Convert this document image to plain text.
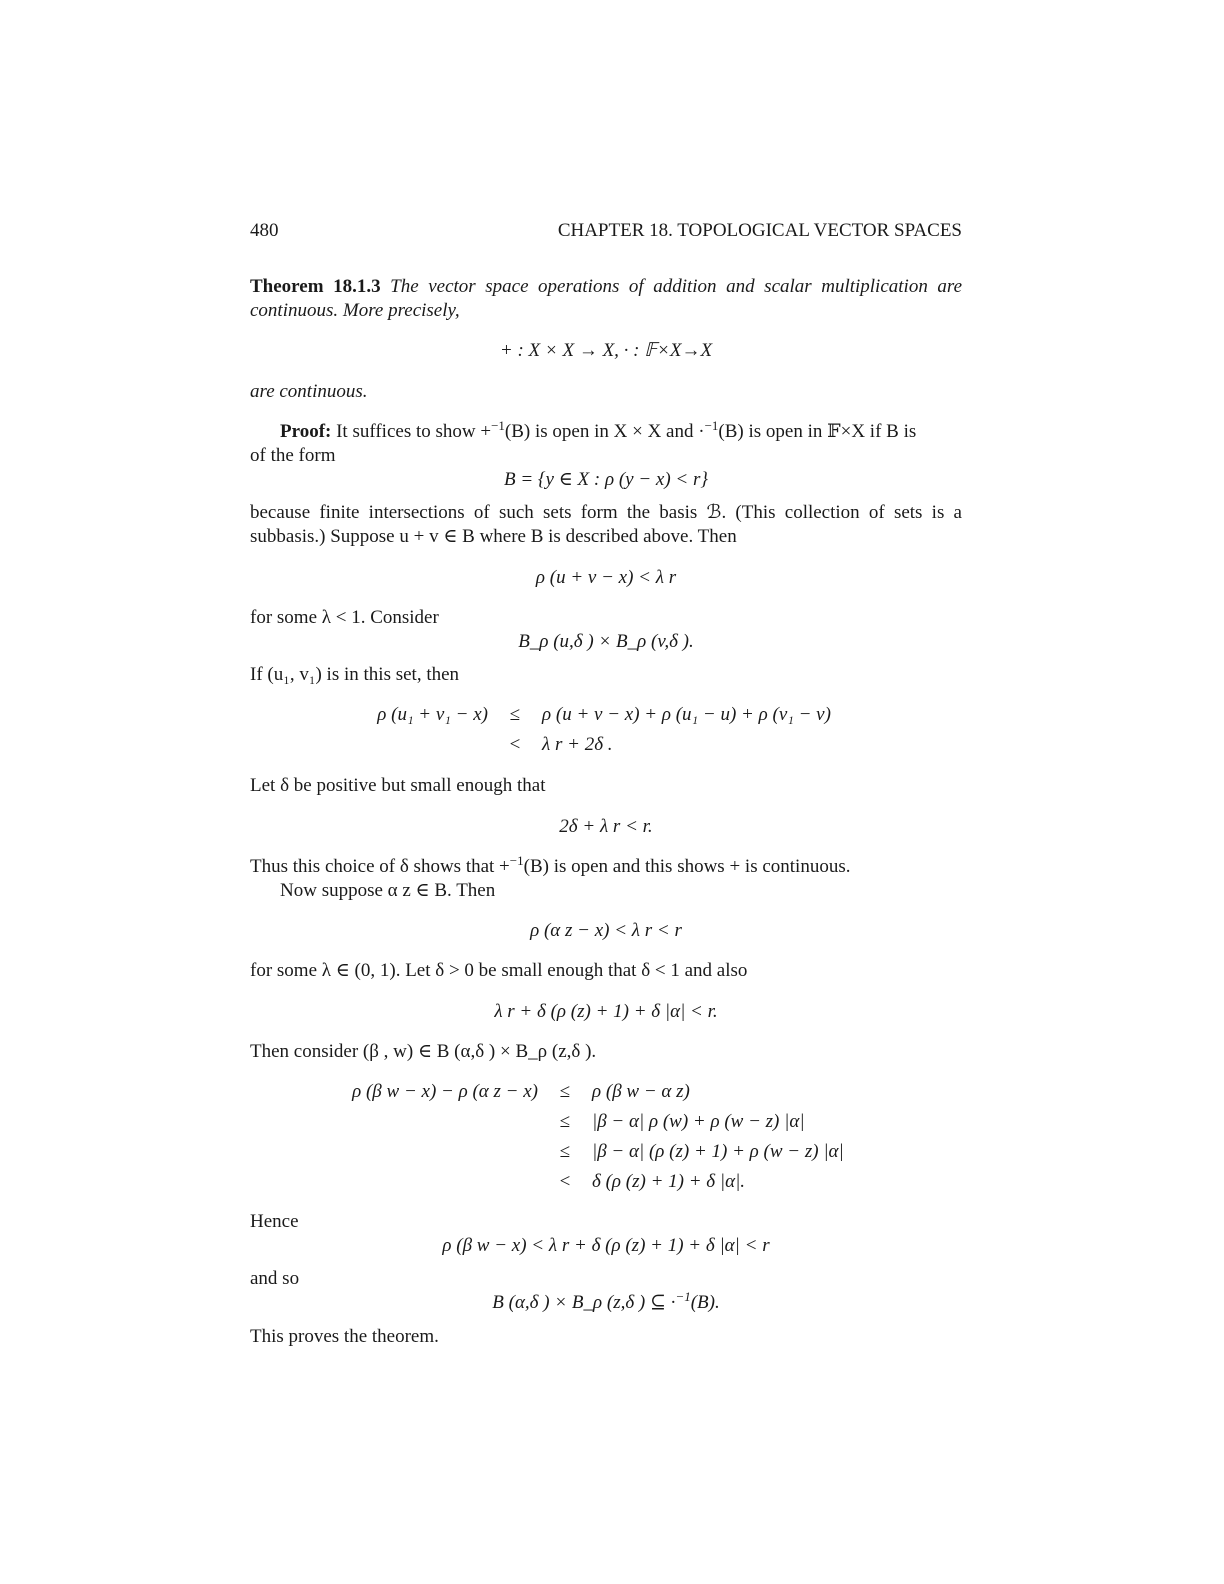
480	CHAPTER 18. TOPOLOGICAL VECTOR SPACES
Theorem 18.1.3 The vector space operations of addition and scalar multiplication are continuous. More precisely,
+ : X × X → X, · : 𝔽×X→X
are continuous.
Proof: It suffices to show +$^{-1}$(B) is open in X × X and ·$^{-1}$(B) is open in 𝔽×X if B is
of the form
B = {y ∈ X : ρ (y − x) < r}
because finite intersections of such sets form the basis ℬ. (This collection of sets is a subbasis.) Suppose u + v ∈ B where B is described above. Then
ρ (u + v − x) < λ r
for some λ < 1. Consider
B_ρ (u,δ ) × B_ρ (v,δ ).
If (u₁, v₁) is in this set, then
ρ (u₁ + v₁ − x)	≤	ρ (u + v − x) + ρ (u₁ − u) + ρ (v₁ − v)
	<	λ r + 2δ .
Let δ be positive but small enough that
2δ + λ r < r.
Thus this choice of δ shows that +$^{-1}$(B) is open and this shows + is continuous.
Now suppose α z ∈ B. Then
ρ (α z − x) < λ r < r
for some λ ∈ (0, 1). Let δ > 0 be small enough that δ < 1 and also
λ r + δ (ρ (z) + 1) + δ |α| < r.
Then consider (β , w) ∈ B (α,δ ) × B_ρ (z,δ ).
ρ (β w − x) − ρ (α z − x)	≤	ρ (β w − α z)
	≤	|β − α| ρ (w) + ρ (w − z) |α|
	≤	|β − α| (ρ (z) + 1) + ρ (w − z) |α|
	<	δ (ρ (z) + 1) + δ |α|.
Hence
ρ (β w − x) < λ r + δ (ρ (z) + 1) + δ |α| < r
and so
B (α,δ ) × B_ρ (z,δ ) ⊆ ·$^{-1}$(B).
This proves the theorem.
